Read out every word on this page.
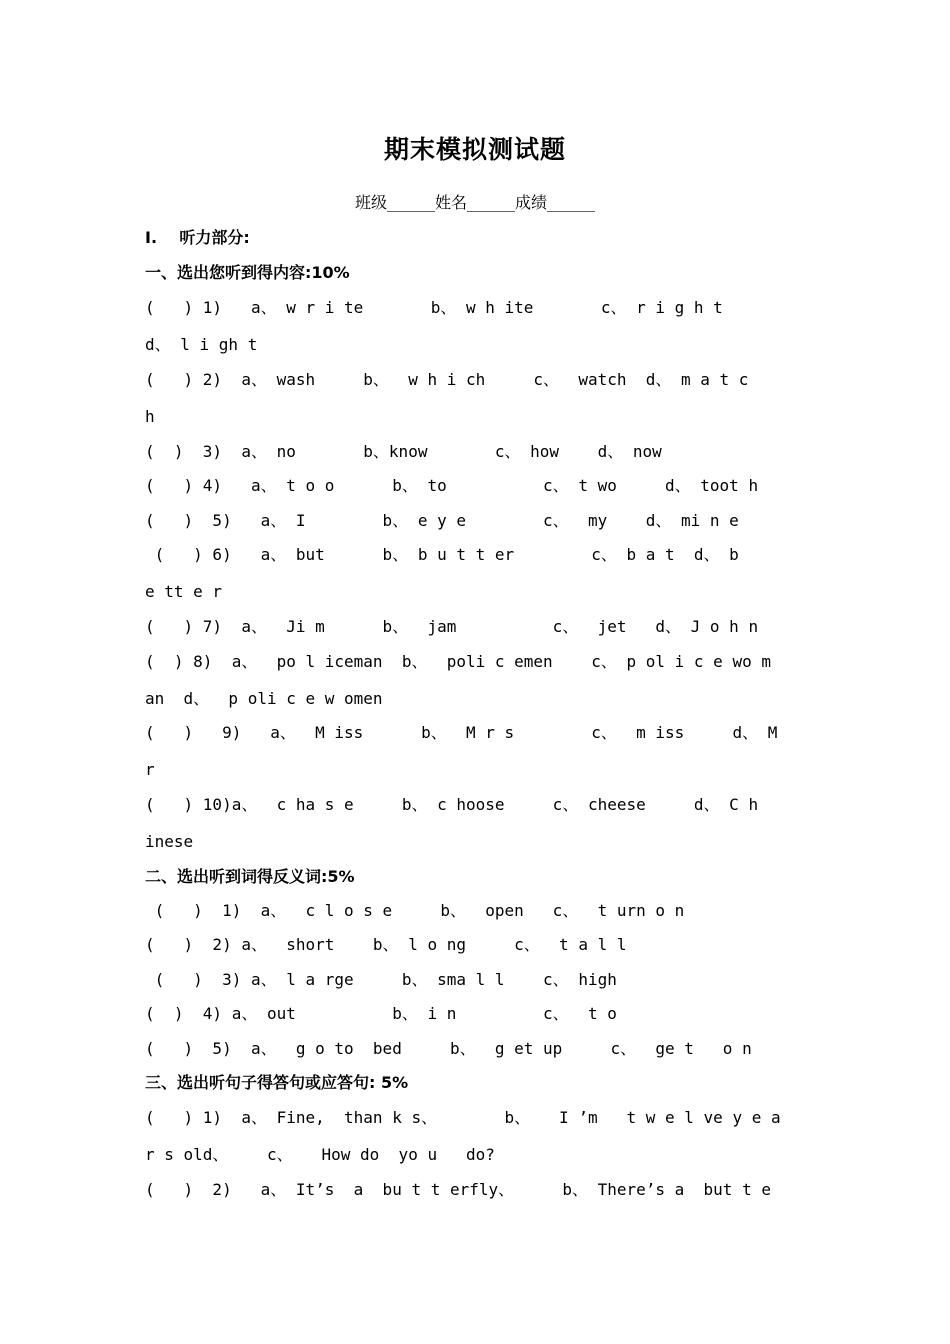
期末模拟测试题
班级______姓名______成绩______
I.    听力部分:
一、选出您听到得内容:10%
(   ) 1)   a、 w r i te       b、 w h ite       c、 r i g h t
d、 l i gh t
(   ) 2)  a、 wash     b、  w h i ch     c、  watch  d、 m a t c
h
(  )  3)  a、 no       b、know       c、 how    d、 now
(   ) 4)   a、 t o o      b、 to          c、 t wo     d、 toot h
(   )  5)   a、 I        b、 e y e        c、  my    d、 mi n e
(   ) 6)   a、 but      b、 b u t t er        c、 b a t  d、 b
e tt e r
(   ) 7)  a、  Ji m      b、  jam          c、  jet   d、 J o h n
(  ) 8)  a、  po l iceman  b、  poli c emen    c、 p ol i c e wo m
an  d、  p oli c e w omen
(   )   9)   a、  M iss      b、  M r s        c、  m iss     d、 M
r
(   ) 10)a、  c ha s e     b、 c hoose     c、 cheese     d、 C h
inese
二、选出听到词得反义词:5%
(   )  1)  a、  c l o s e     b、  open   c、  t urn o n
(   )  2) a、  short    b、 l o ng     c、  t a l l
(   )  3) a、 l a rge     b、 sma l l    c、 high
(  )  4) a、 out          b、 i n         c、  t o
(   )  5)  a、  g o to  bed     b、  g et up     c、  ge t   o n
三、选出听句子得答句或应答句: 5%
(   ) 1)  a、 Fine,  than k s、       b、   I ’m   t w e l ve y e a
r s old、    c、   How do  yo u   do?
(   )  2)   a、 It’s  a  bu t t erfly、     b、 There’s a  but t e
